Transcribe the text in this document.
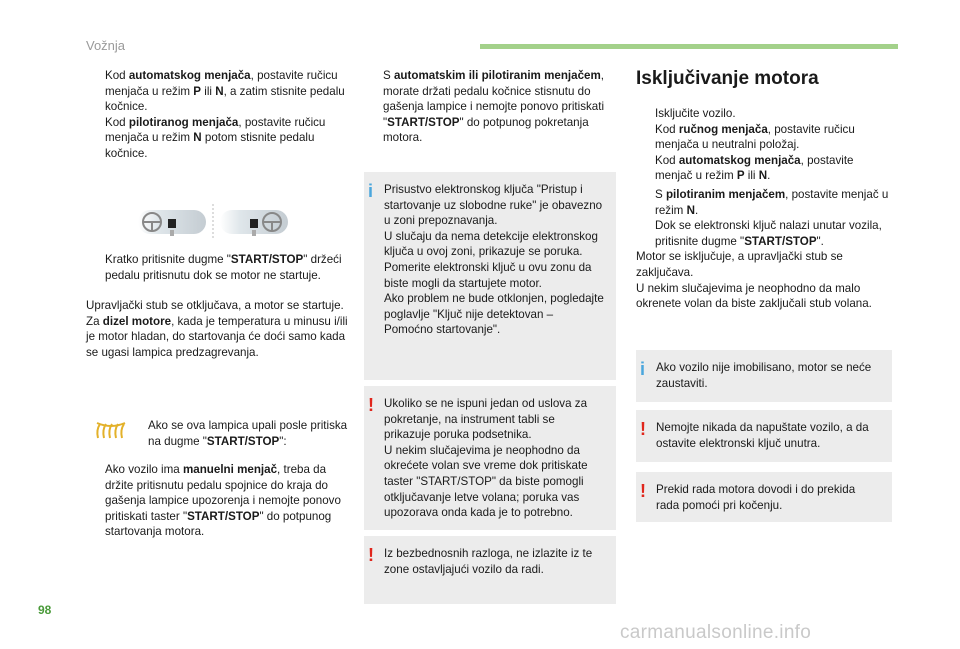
Vožnja
Kod automatskog menjača, postavite ručicu menjača u režim P ili N, a zatim stisnite pedalu kočnice.
Kod pilotiranog menjača, postavite ručicu menjača u režim N potom stisnite pedalu kočnice.
Kratko pritisnite dugme "START/STOP" držeći pedalu pritisnutu dok se motor ne startuje.
Upravljački stub se otključava, a motor se startuje.
Za dizel motore, kada je temperatura u minusu i/ili je motor hladan, do startovanja će doći samo kada se ugasi lampica predzagrevanja.
Ako se ova lampica upali posle pritiska na dugme "START/STOP":
Ako vozilo ima manuelni menjač, treba da držite pritisnutu pedalu spojnice do kraja do gašenja lampice upozorenja i nemojte ponovo pritiskati taster "START/STOP" do potpunog startovanja motora.
S automatskim ili pilotiranim menjačem, morate držati pedalu kočnice stisnutu do gašenja lampice i nemojte ponovo pritiskati "START/STOP" do potpunog pokretanja motora.
i Prisustvo elektronskog ključa "Pristup i startovanje uz slobodne ruke" je obavezno u zoni prepoznavanja.
U slučaju da nema detekcije elektronskog ključa u ovoj zoni, prikazuje se poruka.
Pomerite elektronski ključ u ovu zonu da biste mogli da startujete motor.
Ako problem ne bude otklonjen, pogledajte poglavlje "Ključ nije detektovan – Pomoćno startovanje".
! Ukoliko se ne ispuni jedan od uslova za pokretanje, na instrument tabli se prikazuje poruka podsetnika.
U nekim slučajevima je neophodno da okrećete volan sve vreme dok pritiskate taster "START/STOP" da biste pomogli otključavanje letve volana; poruka vas upozorava onda kada je to potrebno.
! Iz bezbednosnih razloga, ne izlazite iz te zone ostavljajući vozilo da radi.
Isključivanje motora
Isključite vozilo.
Kod ručnog menjača, postavite ručicu menjača u neutralni položaj.
Kod automatskog menjača, postavite menjač u režim P ili N.
S pilotiranim menjačem, postavite menjač u režim N.
Dok se elektronski ključ nalazi unutar vozila, pritisnite dugme "START/STOP".
Motor se isključuje, a upravljački stub se zaključava.
U nekim slučajevima je neophodno da malo okrenete volan da biste zaključali stub volana.
i Ako vozilo nije imobilisano, motor se neće zaustaviti.
! Nemojte nikada da napuštate vozilo, a da ostavite elektronski ključ unutra.
! Prekid rada motora dovodi i do prekida rada pomoći pri kočenju.
98
carmanualsonline.info
